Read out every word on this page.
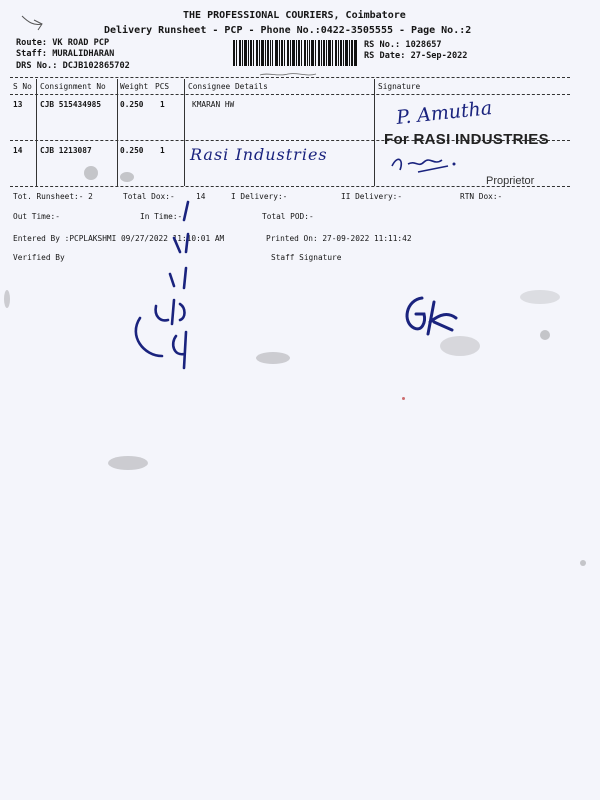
THE PROFESSIONAL COURIERS, Coimbatore
Delivery Runsheet - PCP - Phone No.:0422-3505555 - Page No.:2
Route: VK ROAD PCP
Staff: MURALIDHARAN
DRS No.: DCJB102865702
RS No.: 1028657
RS Date: 27-Sep-2022
S No Consignment No Weight PCS Consignee Details	Signature
13 CJB 515434985 0.250 1	KMARAN HW	P. Amutha
14 CJB 1213087	0.250 1 Rasi Industries
For RASI INDUSTRIES
Proprietor
Tot. Runsheet:- 2	Total Dox:-	14	I Delivery:-	II Delivery:-	RTN Dox:-
Out Time:-	In Time:-	Total POD:-
Entered By :PCPLAKSHMI 09/27/2022 11:10:01 AM	Printed On: 27-09-2022 11:11:42
Verified By	Staff Signature
